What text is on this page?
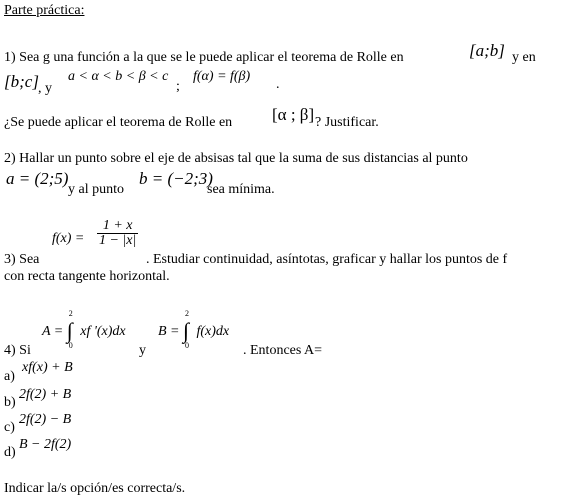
Parte práctica:
1) Sea g una función a la que se le puede aplicar el teorema de Rolle en	[a;b] y en
[b;c] , y
a < α < b < β < c
;
f(α) = f(β)
.
¿Se puede aplicar el teorema de Rolle en [α ; β] ? Justificar.
2) Hallar un punto sobre el eje de absisas tal que la suma de sus distancias al punto
a = (2;5)
y al punto
b = (−2;3)
sea mínima.
$f(x) = \frac{1 + x}{1 - |x|}$
3) Sea	. Estudiar continuidad, asíntotas, graficar y hallar los puntos de f
con recta tangente horizontal.
A =
2
∫
0
xf '(x)dx B =
2
∫
0
f(x)dx
4) Si	y	. Entonces A=
a)
xf(x) + B
b)
2f(2) + B
c)
2f(2) − B
d)
B − 2f(2)
Indicar la/s opción/es correcta/s.
